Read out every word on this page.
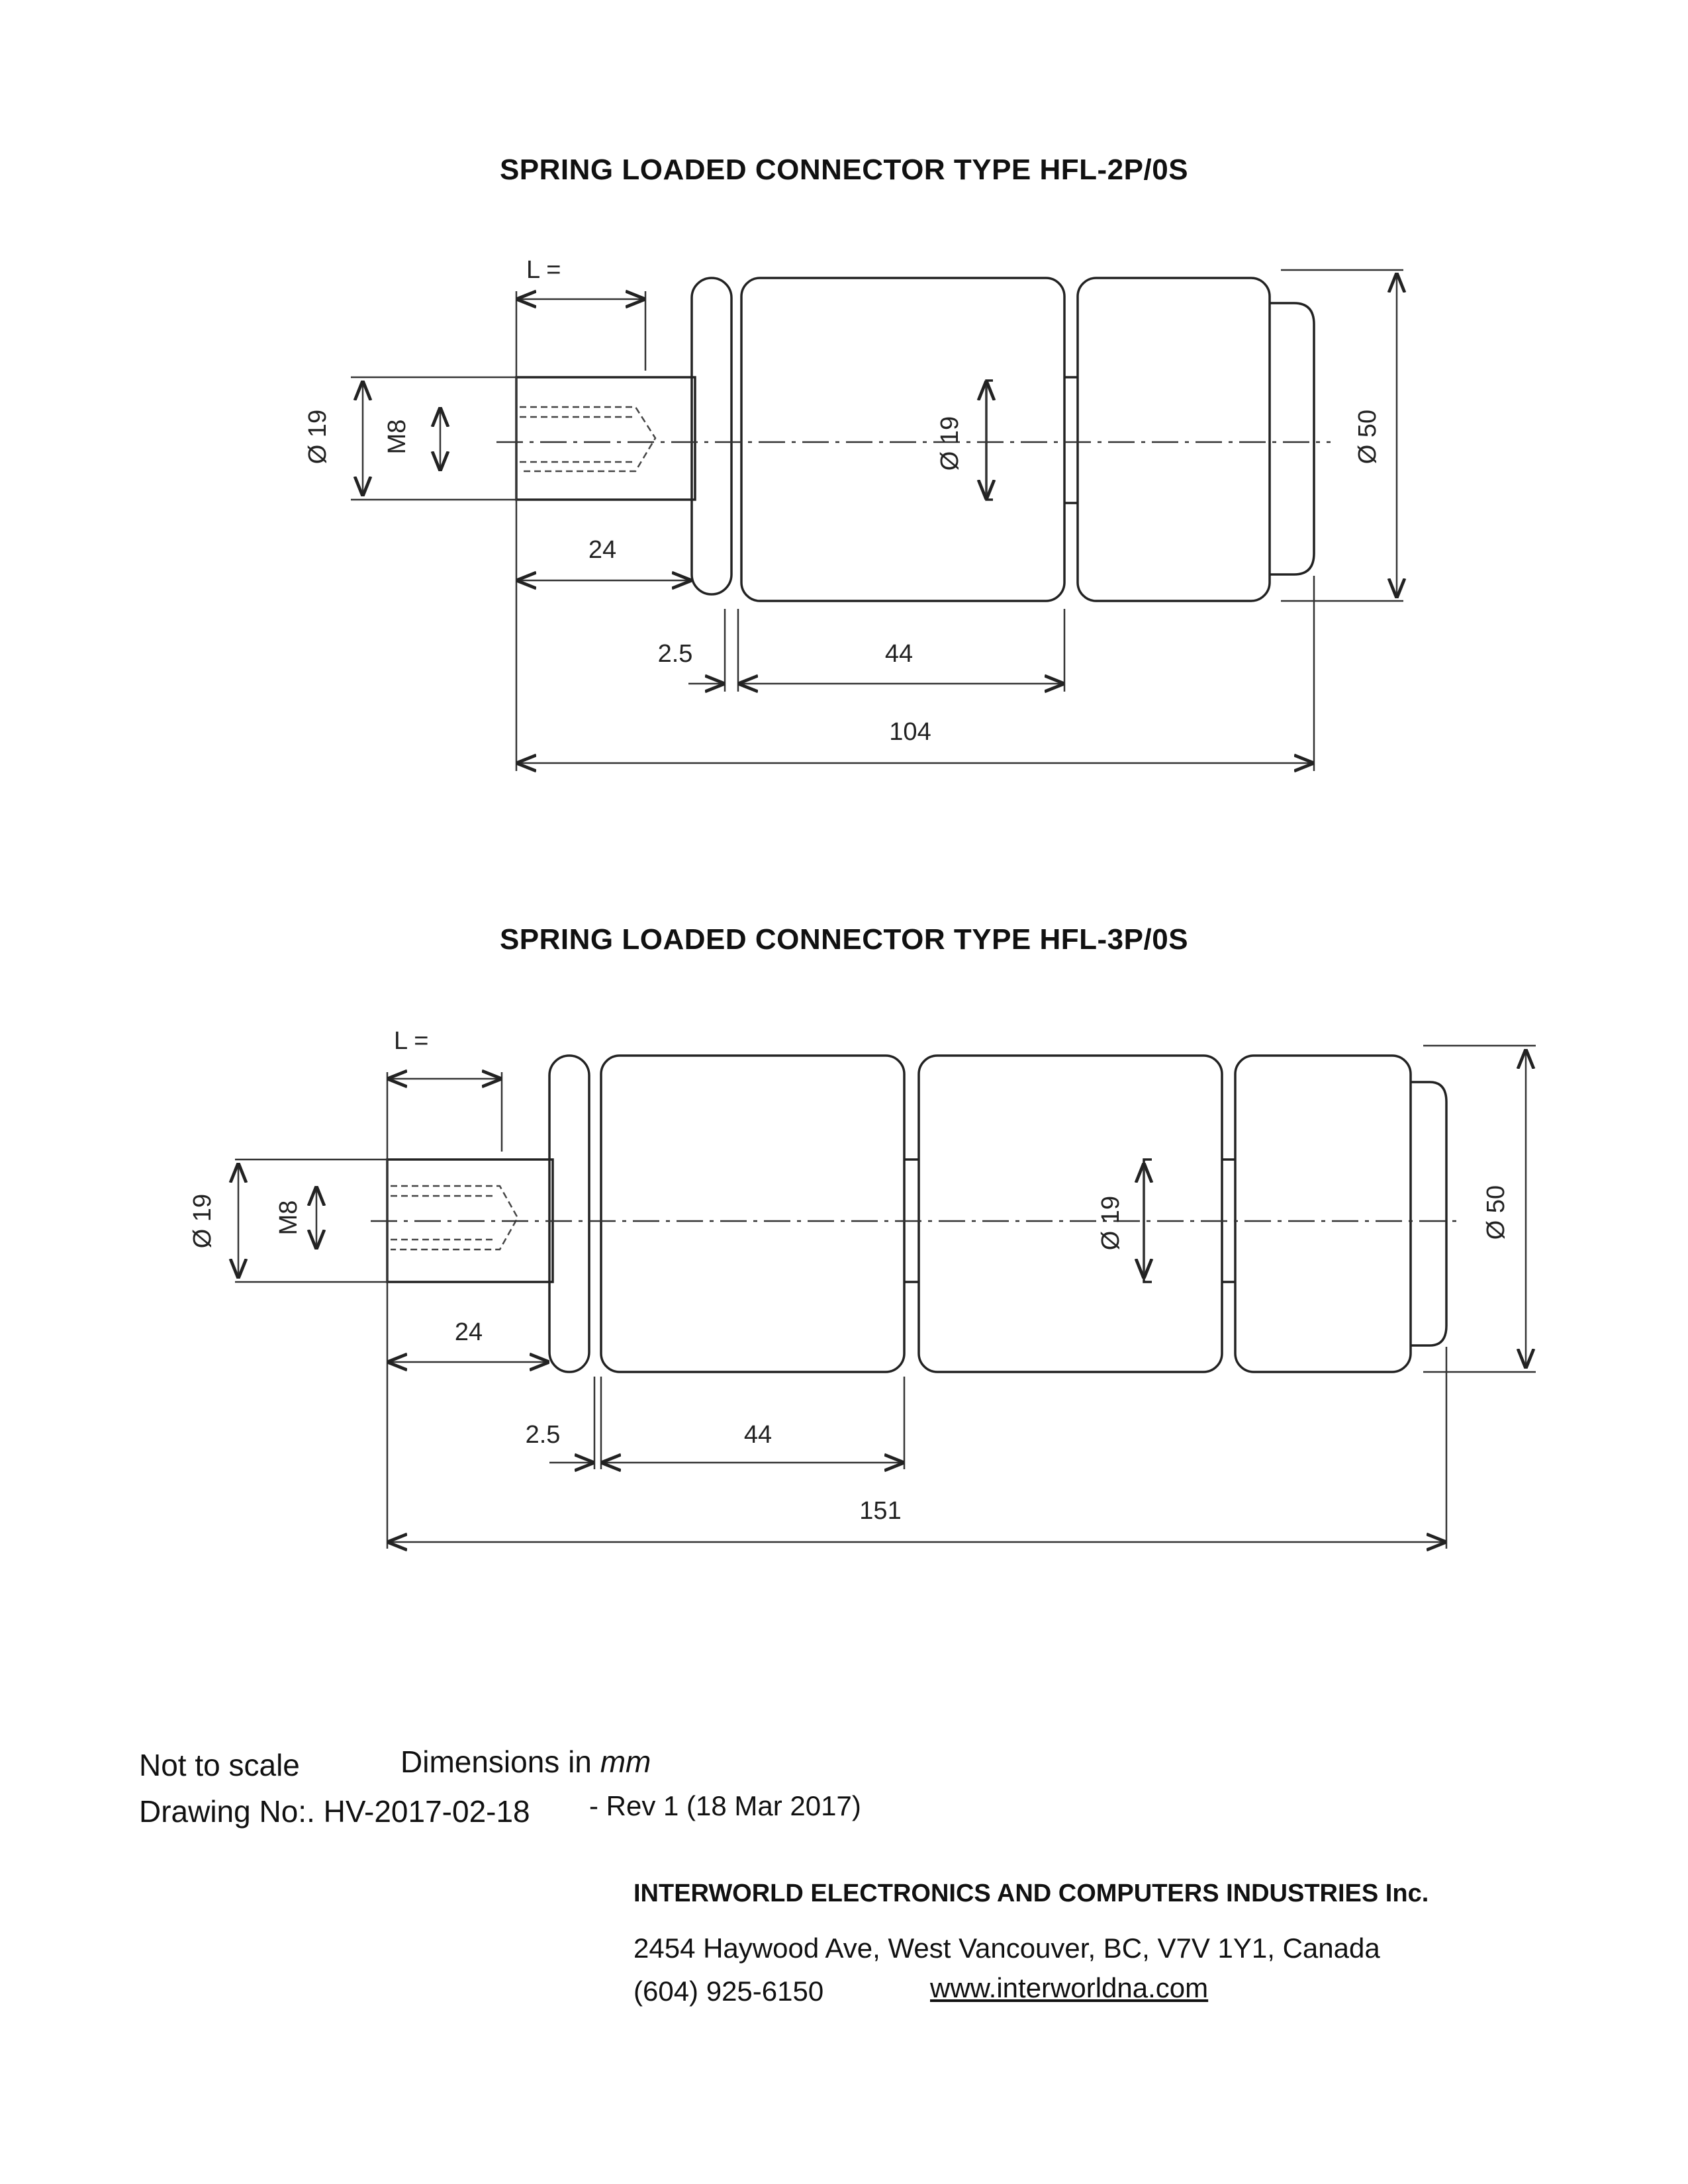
SPRING LOADED CONNECTOR TYPE HFL-2P/0S
SPRING LOADED CONNECTOR TYPE HFL-3P/0S
L =
Ø 19 M8	Ø 19	Ø 50
24
2.5	44
104
L =
Ø 19 M8	Ø 19	Ø 50
24
2.5	44
151
Not to scale	Dimensions in mm
Drawing No:. HV-2017-02-18 - Rev 1 (18 Mar 2017)
INTERWORLD ELECTRONICS AND COMPUTERS INDUSTRIES Inc.
2454 Haywood Ave, West Vancouver, BC, V7V 1Y1, Canada
(604) 925-6150	www.interworldna.com
